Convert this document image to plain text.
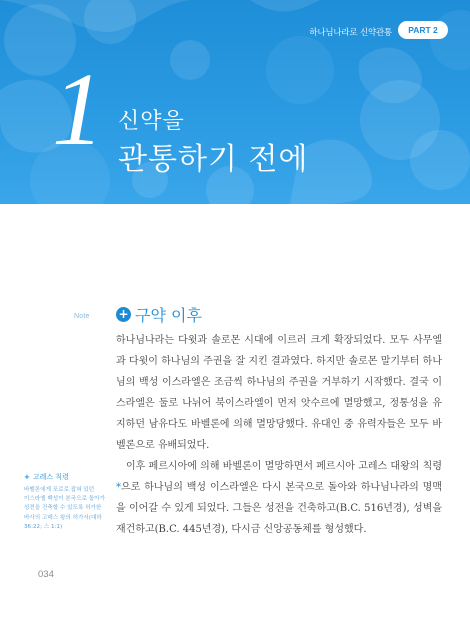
하나님나라로 신약관통	PART 2
1 신약을
관통하기 전에
Note + 구약 이후

하나님나라는 다윗과 솔로몬 시대에 이르러 크게 확장되었다. 모두 사무엘과 다윗이 하나님의 주권을 잘 지킨 결과였다. 하지만 솔로몬 말기부터 하나님의 백성 이스라엘은 조금씩 하나님의 주권을 거부하기 시작했다. 결국 이스라엘은 둘로 나뉘어 북이스라엘이 먼저 앗수르에 멸망했고, 정통성을 유지하던 남유다도 바벨론에 의해 멸망당했다. 유대인 중 유력자들은 모두 바벨론으로 유배되었다.

이후 페르시아에 의해 바벨론이 멸망하면서 페르시아 고레스 대왕의 칙령*으로 하나님의 백성 이스라엘은 다시 본국으로 돌아와 하나님나라의 명맥을 이어갈 수 있게 되었다. 그들은 성전을 건축하고(B.C. 516년경), 성벽을 재건하고(B.C. 445년경), 다시금 신앙공동체를 형성했다.

+ 고레스 칙령
바벨론에게 포로로 잡혀 있던 이스라엘 백성이 본국으로 돌아가 성전을 건축할 수 있도록 허가한 바사의 고레스 왕의 허가서(대하 36:22; 스 1:1)
034
